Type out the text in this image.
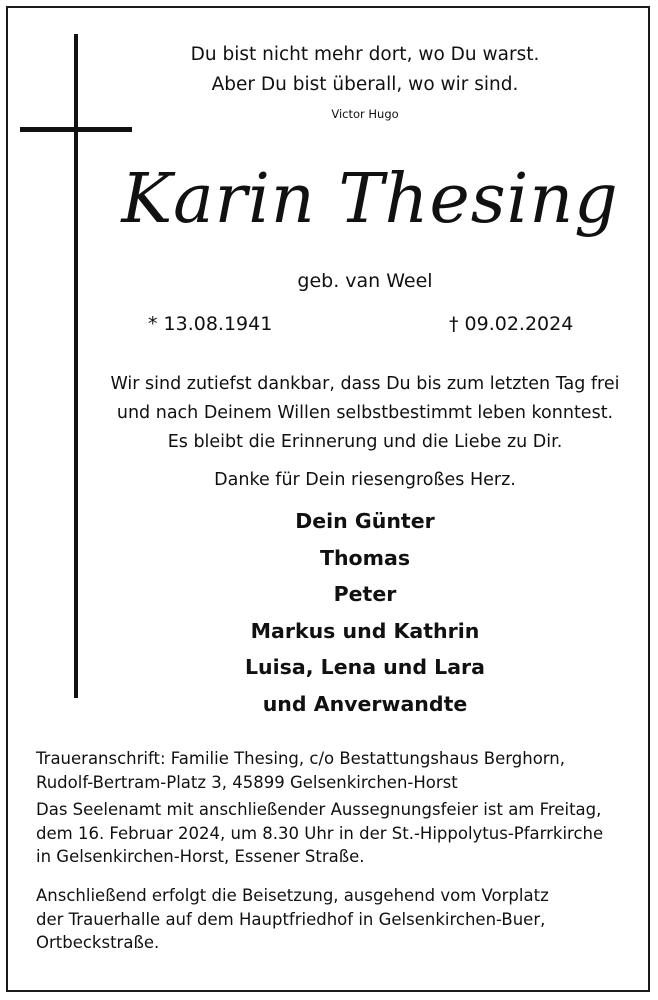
Du bist nicht mehr dort, wo Du warst.
Aber Du bist überall, wo wir sind.
Victor Hugo
Karin Thesing
geb. van Weel
* 13.08.1941	† 09.02.2024
Wir sind zutiefst dankbar, dass Du bis zum letzten Tag frei
und nach Deinem Willen selbstbestimmt leben konntest.
Es bleibt die Erinnerung und die Liebe zu Dir.
Danke für Dein riesengroßes Herz.
Dein Günter
Thomas
Peter
Markus und Kathrin
Luisa, Lena und Lara
und Anverwandte
Traueranschrift: Familie Thesing, c/o Bestattungshaus Berghorn,
Rudolf-Bertram-Platz 3, 45899 Gelsenkirchen-Horst
Das Seelenamt mit anschließender Aussegnungsfeier ist am Freitag,
dem 16. Februar 2024, um 8.30 Uhr in der St.-Hippolytus-Pfarrkirche
in Gelsenkirchen-Horst, Essener Straße.
Anschließend erfolgt die Beisetzung, ausgehend vom Vorplatz
der Trauerhalle auf dem Hauptfriedhof in Gelsenkirchen-Buer,
Ortbeckstraße.
